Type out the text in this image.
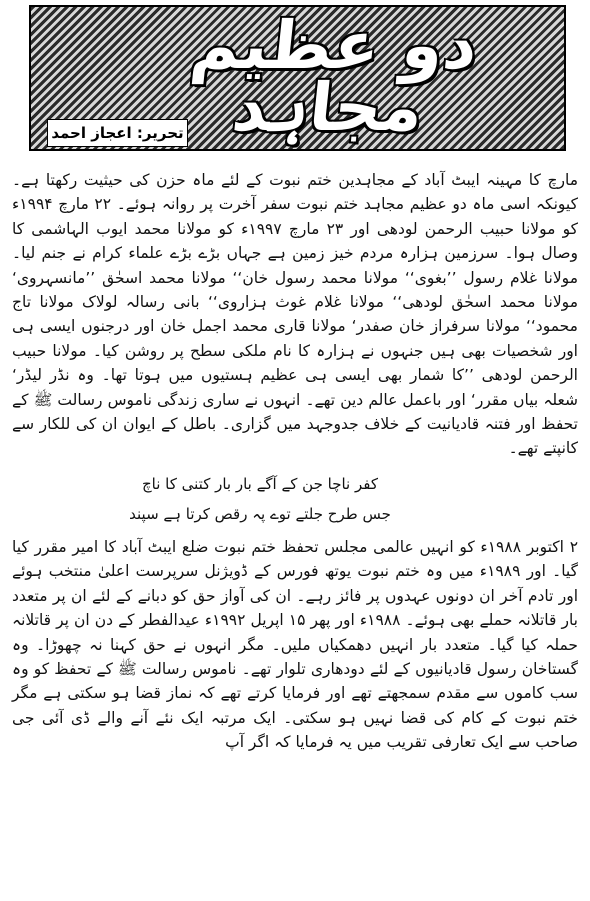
دو عظیم مجاہد
تحریر: اعجاز احمد

مارچ کا مہینہ ایبٹ آباد کے مجاہدین ختم نبوت کے لئے ماہ حزن کی حیثیت رکھتا ہے۔ کیونکہ اسی ماہ دو عظیم مجاہد ختم نبوت سفر آخرت پر روانہ ہوئے۔ ۲۲ مارچ ۱۹۹۴ء کو مولانا حبیب الرحمن لودھی اور ۲۳ مارچ ۱۹۹۷ء کو مولانا محمد ایوب الہاشمی کا وصال ہوا۔ سرزمین ہزارہ مردم خیز زمین ہے جہاں بڑے بڑے علماء کرام نے جنم لیا۔ مولانا غلام رسول ’’بغوی‘‘ مولانا محمد رسول خان‘‘ مولانا محمد اسحٰق ’’مانسہروی‘ مولانا محمد اسحٰق لودھی‘‘ مولانا غلام غوث ہزاروی‘‘ بانی رسالہ لولاک مولانا تاج محمود‘‘ مولانا سرفراز خان صفدر‘ مولانا قاری محمد اجمل خان اور درجنوں ایسی ہی اور شخصیات بھی ہیں جنہوں نے ہزارہ کا نام ملکی سطح پر روشن کیا۔ مولانا حبیب الرحمن لودھی ’’کا شمار بھی ایسی ہی عظیم ہستیوں میں ہوتا تھا۔ وہ نڈر لیڈر‘ شعلہ بیاں مقرر‘ اور باعمل عالم دین تھے۔ انہوں نے ساری زندگی ناموس رسالت ﷺ کے تحفظ اور فتنہ قادیانیت کے خلاف جدوجہد میں گزاری۔ باطل کے ایوان ان کی للکار سے کانپتے تھے۔

کفر ناچا جن کے آگے بار بار کتنی کا ناچ
جس طرح جلتے توے پہ رقص کرتا ہے سپند

۲ اکتوبر ۱۹۸۸ء کو انہیں عالمی مجلس تحفظ ختم نبوت ضلع ایبٹ آباد کا امیر مقرر کیا گیا۔ اور ۱۹۸۹ء میں وہ ختم نبوت یوتھ فورس کے ڈویژنل سرپرست اعلیٰ منتخب ہوئے اور تادم آخر ان دونوں عہدوں پر فائز رہے۔ ان کی آواز حق کو دبانے کے لئے ان پر متعدد بار قاتلانہ حملے بھی ہوئے۔ ۱۹۸۸ء اور پھر ۱۵ اپریل ۱۹۹۲ء عیدالفطر کے دن ان پر قاتلانہ حملہ کیا گیا۔ متعدد بار انہیں دھمکیاں ملیں۔ مگر انہوں نے حق کہنا نہ چھوڑا۔ وہ گستاخان رسول قادیانیوں کے لئے دودھاری تلوار تھے۔ ناموس رسالت ﷺ کے تحفظ کو وہ سب کاموں سے مقدم سمجھتے تھے اور فرمایا کرتے تھے کہ نماز قضا ہو سکتی ہے مگر ختم نبوت کے کام کی قضا نہیں ہو سکتی۔ ایک مرتبہ ایک نئے آنے والے ڈی آئی جی صاحب سے ایک تعارفی تقریب میں یہ فرمایا کہ اگر آپ
